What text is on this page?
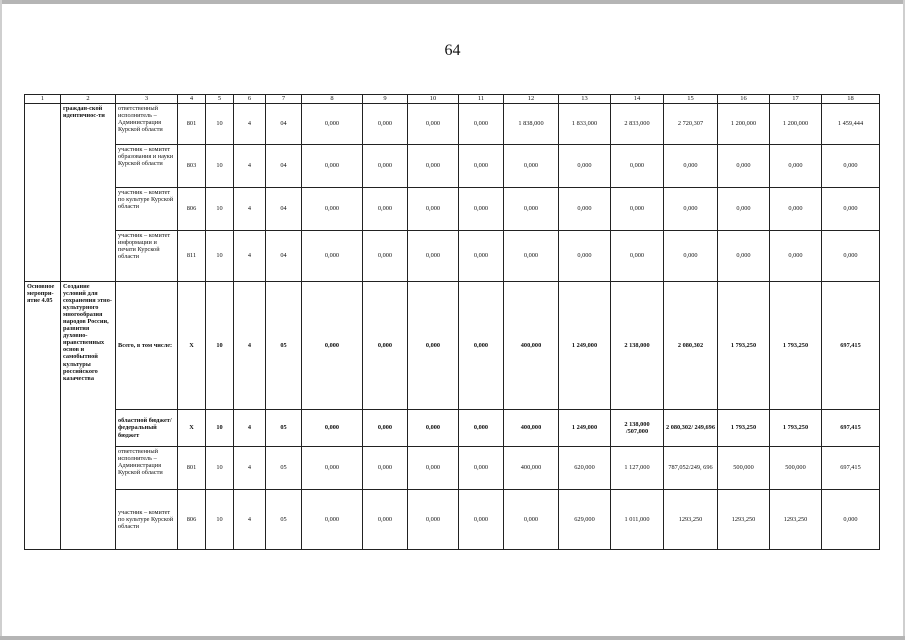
64
1	2	3	4	5	6	7	8	9	10	11	12	13	14	15	16	17	18
	граждан-ской идентичнос-ти	ответственный исполнитель – Администрация Курской области	801	10	4	04	0,000	0,000	0,000	0,000	1 838,000	1 833,000	2 833,000	2 720,307	1 200,000	1 200,000	1 459,444
		участник – комитет образования и науки Курской области	803	10	4	04	0,000	0,000	0,000	0,000	0,000	0,000	0,000	0,000	0,000	0,000	0,000
		участник – комитет по культуре Курской области	806	10	4	04	0,000	0,000	0,000	0,000	0,000	0,000	0,000	0,000	0,000	0,000	0,000
		участник – комитет информации и печати Курской области	811	10	4	04	0,000	0,000	0,000	0,000	0,000	0,000	0,000	0,000	0,000	0,000	0,000
Основное меропри-ятие 4.05	Создание условий для сохранения этно-культурного многообразия народов России, развития духовно-нравственных основ и самобытной культуры российского казачества	Всего, в том числе:	X	10	4	05	0,000	0,000	0,000	0,000	400,000	1 249,000	2 138,000	2 080,302	1 793,250	1 793,250	697,415
		областной бюджет/ федеральный бюджет	X	10	4	05	0,000	0,000	0,000	0,000	400,000	1 249,000	2 138,000 /507,000	2 080,302/ 249,696	1 793,250	1 793,250	697,415
		ответственный исполнитель – Администрация Курской области	801	10	4	05	0,000	0,000	0,000	0,000	400,000	620,000	1 127,000	787,052/249, 696	500,000	500,000	697,415
		участник – комитет по культуре Курской области	806	10	4	05	0,000	0,000	0,000	0,000	0,000	629,000	1 011,000	1293,250	1293,250	1293,250	0,000
